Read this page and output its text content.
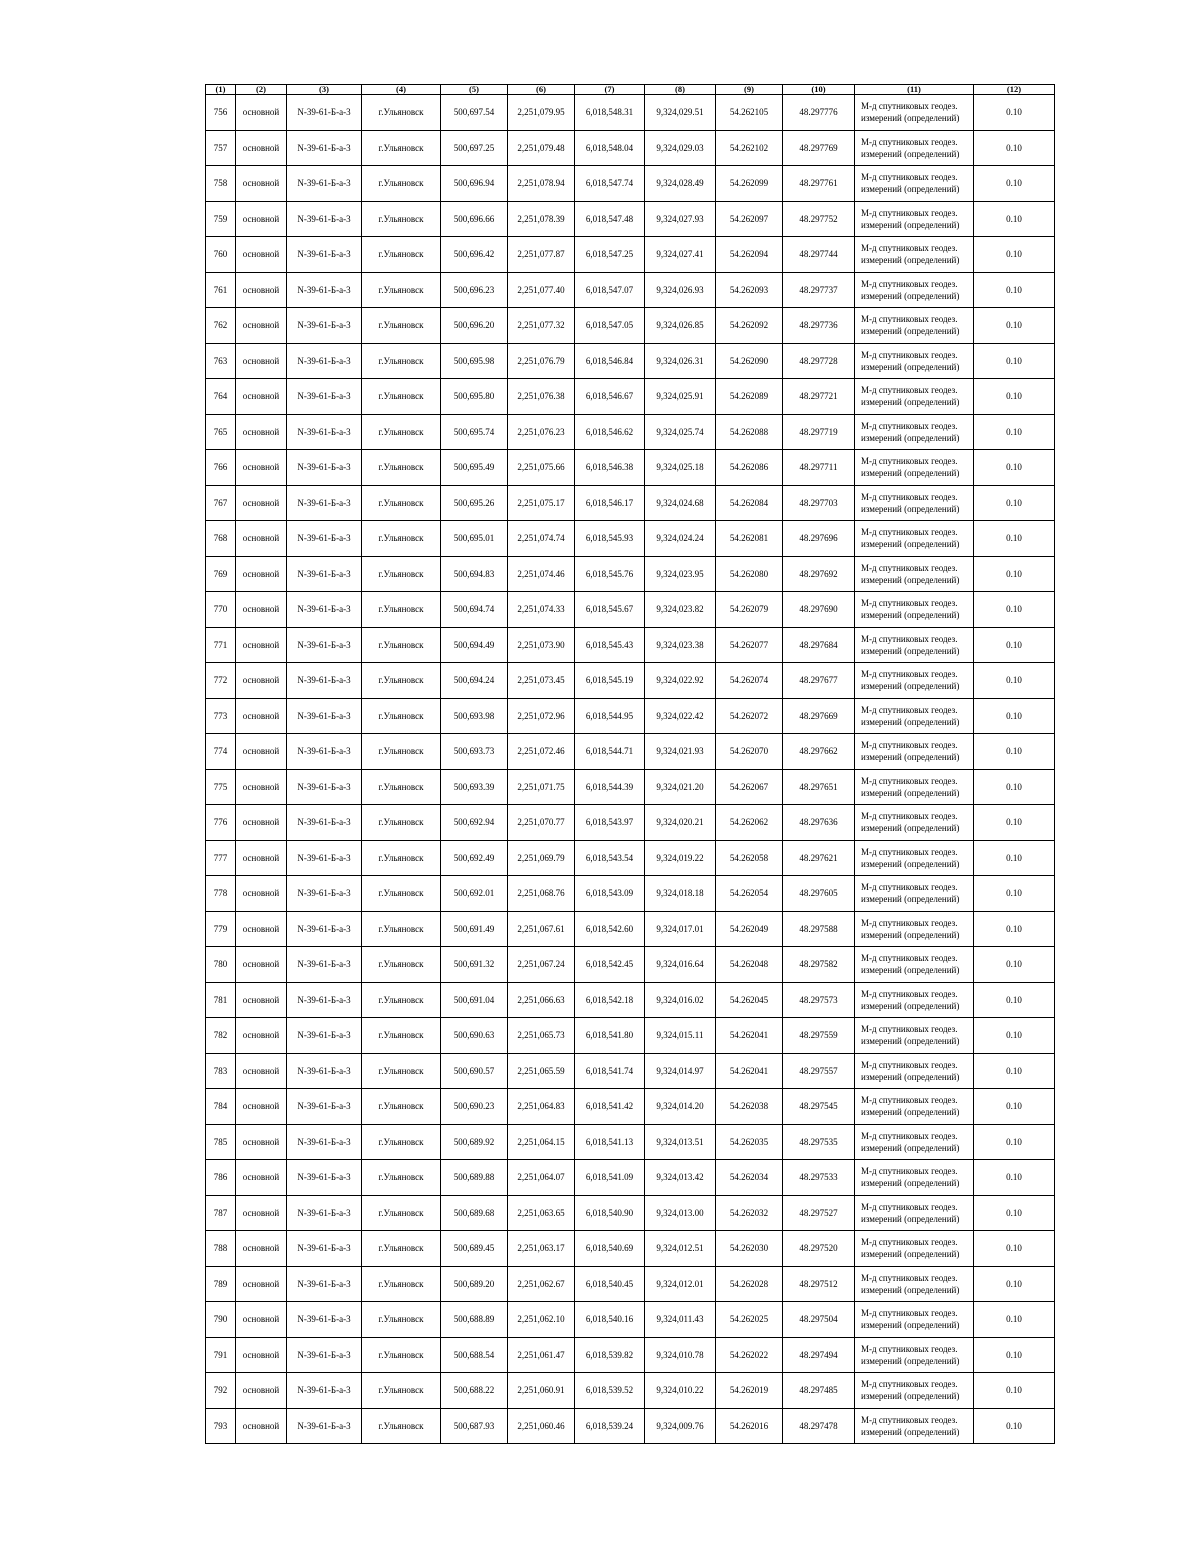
(1)	(2)	(3)	(4)	(5)	(6)	(7)	(8)	(9)	(10)	(11)	(12)
756	основной	N-39-61-Б-а-3	г.Ульяновск	500,697.54	2,251,079.95	6,018,548.31	9,324,029.51	54.262105	48.297776	М-д спутниковых геодез. измерений (определений)	0.10
757	основной	N-39-61-Б-а-3	г.Ульяновск	500,697.25	2,251,079.48	6,018,548.04	9,324,029.03	54.262102	48.297769	М-д спутниковых геодез. измерений (определений)	0.10
758	основной	N-39-61-Б-а-3	г.Ульяновск	500,696.94	2,251,078.94	6,018,547.74	9,324,028.49	54.262099	48.297761	М-д спутниковых геодез. измерений (определений)	0.10
759	основной	N-39-61-Б-а-3	г.Ульяновск	500,696.66	2,251,078.39	6,018,547.48	9,324,027.93	54.262097	48.297752	М-д спутниковых геодез. измерений (определений)	0.10
760	основной	N-39-61-Б-а-3	г.Ульяновск	500,696.42	2,251,077.87	6,018,547.25	9,324,027.41	54.262094	48.297744	М-д спутниковых геодез. измерений (определений)	0.10
761	основной	N-39-61-Б-а-3	г.Ульяновск	500,696.23	2,251,077.40	6,018,547.07	9,324,026.93	54.262093	48.297737	М-д спутниковых геодез. измерений (определений)	0.10
762	основной	N-39-61-Б-а-3	г.Ульяновск	500,696.20	2,251,077.32	6,018,547.05	9,324,026.85	54.262092	48.297736	М-д спутниковых геодез. измерений (определений)	0.10
763	основной	N-39-61-Б-а-3	г.Ульяновск	500,695.98	2,251,076.79	6,018,546.84	9,324,026.31	54.262090	48.297728	М-д спутниковых геодез. измерений (определений)	0.10
764	основной	N-39-61-Б-а-3	г.Ульяновск	500,695.80	2,251,076.38	6,018,546.67	9,324,025.91	54.262089	48.297721	М-д спутниковых геодез. измерений (определений)	0.10
765	основной	N-39-61-Б-а-3	г.Ульяновск	500,695.74	2,251,076.23	6,018,546.62	9,324,025.74	54.262088	48.297719	М-д спутниковых геодез. измерений (определений)	0.10
766	основной	N-39-61-Б-а-3	г.Ульяновск	500,695.49	2,251,075.66	6,018,546.38	9,324,025.18	54.262086	48.297711	М-д спутниковых геодез. измерений (определений)	0.10
767	основной	N-39-61-Б-а-3	г.Ульяновск	500,695.26	2,251,075.17	6,018,546.17	9,324,024.68	54.262084	48.297703	М-д спутниковых геодез. измерений (определений)	0.10
768	основной	N-39-61-Б-а-3	г.Ульяновск	500,695.01	2,251,074.74	6,018,545.93	9,324,024.24	54.262081	48.297696	М-д спутниковых геодез. измерений (определений)	0.10
769	основной	N-39-61-Б-а-3	г.Ульяновск	500,694.83	2,251,074.46	6,018,545.76	9,324,023.95	54.262080	48.297692	М-д спутниковых геодез. измерений (определений)	0.10
770	основной	N-39-61-Б-а-3	г.Ульяновск	500,694.74	2,251,074.33	6,018,545.67	9,324,023.82	54.262079	48.297690	М-д спутниковых геодез. измерений (определений)	0.10
771	основной	N-39-61-Б-а-3	г.Ульяновск	500,694.49	2,251,073.90	6,018,545.43	9,324,023.38	54.262077	48.297684	М-д спутниковых геодез. измерений (определений)	0.10
772	основной	N-39-61-Б-а-3	г.Ульяновск	500,694.24	2,251,073.45	6,018,545.19	9,324,022.92	54.262074	48.297677	М-д спутниковых геодез. измерений (определений)	0.10
773	основной	N-39-61-Б-а-3	г.Ульяновск	500,693.98	2,251,072.96	6,018,544.95	9,324,022.42	54.262072	48.297669	М-д спутниковых геодез. измерений (определений)	0.10
774	основной	N-39-61-Б-а-3	г.Ульяновск	500,693.73	2,251,072.46	6,018,544.71	9,324,021.93	54.262070	48.297662	М-д спутниковых геодез. измерений (определений)	0.10
775	основной	N-39-61-Б-а-3	г.Ульяновск	500,693.39	2,251,071.75	6,018,544.39	9,324,021.20	54.262067	48.297651	М-д спутниковых геодез. измерений (определений)	0.10
776	основной	N-39-61-Б-а-3	г.Ульяновск	500,692.94	2,251,070.77	6,018,543.97	9,324,020.21	54.262062	48.297636	М-д спутниковых геодез. измерений (определений)	0.10
777	основной	N-39-61-Б-а-3	г.Ульяновск	500,692.49	2,251,069.79	6,018,543.54	9,324,019.22	54.262058	48.297621	М-д спутниковых геодез. измерений (определений)	0.10
778	основной	N-39-61-Б-а-3	г.Ульяновск	500,692.01	2,251,068.76	6,018,543.09	9,324,018.18	54.262054	48.297605	М-д спутниковых геодез. измерений (определений)	0.10
779	основной	N-39-61-Б-а-3	г.Ульяновск	500,691.49	2,251,067.61	6,018,542.60	9,324,017.01	54.262049	48.297588	М-д спутниковых геодез. измерений (определений)	0.10
780	основной	N-39-61-Б-а-3	г.Ульяновск	500,691.32	2,251,067.24	6,018,542.45	9,324,016.64	54.262048	48.297582	М-д спутниковых геодез. измерений (определений)	0.10
781	основной	N-39-61-Б-а-3	г.Ульяновск	500,691.04	2,251,066.63	6,018,542.18	9,324,016.02	54.262045	48.297573	М-д спутниковых геодез. измерений (определений)	0.10
782	основной	N-39-61-Б-а-3	г.Ульяновск	500,690.63	2,251,065.73	6,018,541.80	9,324,015.11	54.262041	48.297559	М-д спутниковых геодез. измерений (определений)	0.10
783	основной	N-39-61-Б-а-3	г.Ульяновск	500,690.57	2,251,065.59	6,018,541.74	9,324,014.97	54.262041	48.297557	М-д спутниковых геодез. измерений (определений)	0.10
784	основной	N-39-61-Б-а-3	г.Ульяновск	500,690.23	2,251,064.83	6,018,541.42	9,324,014.20	54.262038	48.297545	М-д спутниковых геодез. измерений (определений)	0.10
785	основной	N-39-61-Б-а-3	г.Ульяновск	500,689.92	2,251,064.15	6,018,541.13	9,324,013.51	54.262035	48.297535	М-д спутниковых геодез. измерений (определений)	0.10
786	основной	N-39-61-Б-а-3	г.Ульяновск	500,689.88	2,251,064.07	6,018,541.09	9,324,013.42	54.262034	48.297533	М-д спутниковых геодез. измерений (определений)	0.10
787	основной	N-39-61-Б-а-3	г.Ульяновск	500,689.68	2,251,063.65	6,018,540.90	9,324,013.00	54.262032	48.297527	М-д спутниковых геодез. измерений (определений)	0.10
788	основной	N-39-61-Б-а-3	г.Ульяновск	500,689.45	2,251,063.17	6,018,540.69	9,324,012.51	54.262030	48.297520	М-д спутниковых геодез. измерений (определений)	0.10
789	основной	N-39-61-Б-а-3	г.Ульяновск	500,689.20	2,251,062.67	6,018,540.45	9,324,012.01	54.262028	48.297512	М-д спутниковых геодез. измерений (определений)	0.10
790	основной	N-39-61-Б-а-3	г.Ульяновск	500,688.89	2,251,062.10	6,018,540.16	9,324,011.43	54.262025	48.297504	М-д спутниковых геодез. измерений (определений)	0.10
791	основной	N-39-61-Б-а-3	г.Ульяновск	500,688.54	2,251,061.47	6,018,539.82	9,324,010.78	54.262022	48.297494	М-д спутниковых геодез. измерений (определений)	0.10
792	основной	N-39-61-Б-а-3	г.Ульяновск	500,688.22	2,251,060.91	6,018,539.52	9,324,010.22	54.262019	48.297485	М-д спутниковых геодез. измерений (определений)	0.10
793	основной	N-39-61-Б-а-3	г.Ульяновск	500,687.93	2,251,060.46	6,018,539.24	9,324,009.76	54.262016	48.297478	М-д спутниковых геодез. измерений (определений)	0.10
